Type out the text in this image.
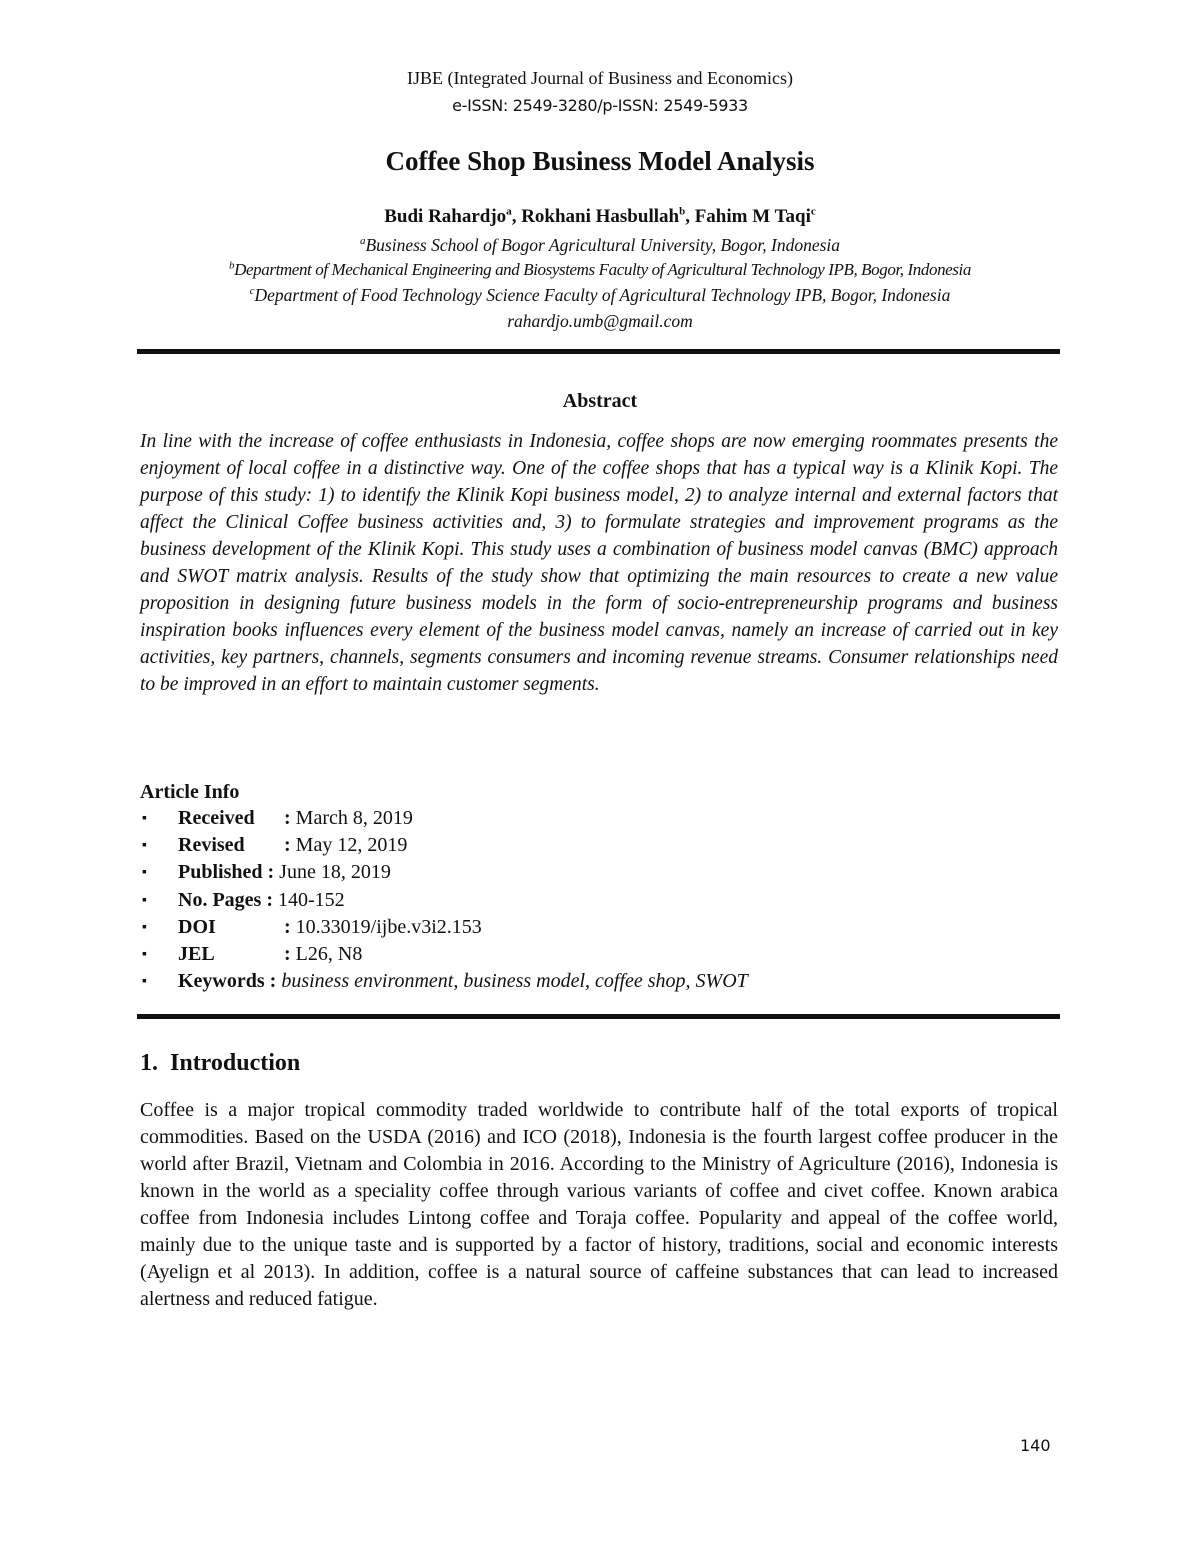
IJBE (Integrated Journal of Business and Economics)
e-ISSN: 2549-3280/p-ISSN: 2549-5933
Coffee Shop Business Model Analysis
Budi Rahardjo$^a$, Rokhani Hasbullah$^b$, Fahim M Taqi$^c$
$^a$Business School of Bogor Agricultural University, Bogor, Indonesia
$^b$Department of Mechanical Engineering and Biosystems Faculty of Agricultural Technology IPB, Bogor, Indonesia
$^c$Department of Food Technology Science Faculty of Agricultural Technology IPB, Bogor, Indonesia
rahardjo.umb@gmail.com
Abstract
In line with the increase of coffee enthusiasts in Indonesia, coffee shops are now emerging roommates presents the enjoyment of local coffee in a distinctive way. One of the coffee shops that has a typical way is a Klinik Kopi. The purpose of this study: 1) to identify the Klinik Kopi business model, 2) to analyze internal and external factors that affect the Clinical Coffee business activities and, 3) to formulate strategies and improvement programs as the business development of the Klinik Kopi. This study uses a combination of business model canvas (BMC) approach and SWOT matrix analysis. Results of the study show that optimizing the main resources to create a new value proposition in designing future business models in the form of socio-entrepreneurship programs and business inspiration books influences every element of the business model canvas, namely an increase of carried out in key activities, key partners, channels, segments consumers and incoming revenue streams. Consumer relationships need to be improved in an effort to maintain customer segments.
Article Info
▪ Received : March 8, 2019
▪ Revised : May 12, 2019
▪ Published : June 18, 2019
▪ No. Pages : 140-152
▪ DOI	: 10.33019/ijbe.v3i2.153
▪ JEL	: L26, N8
▪ Keywords : business environment, business model, coffee shop, SWOT
1.  Introduction
Coffee is a major tropical commodity traded worldwide to contribute half of the total exports of tropical commodities. Based on the USDA (2016) and ICO (2018), Indonesia is the fourth largest coffee producer in the world after Brazil, Vietnam and Colombia in 2016. According to the Ministry of Agriculture (2016), Indonesia is known in the world as a speciality coffee through various variants of coffee and civet coffee. Known arabica coffee from Indonesia includes Lintong coffee and Toraja coffee. Popularity and appeal of the coffee world, mainly due to the unique taste and is supported by a factor of history, traditions, social and economic interests (Ayelign et al 2013). In addition, coffee is a natural source of caffeine substances that can lead to increased alertness and reduced fatigue.
140
